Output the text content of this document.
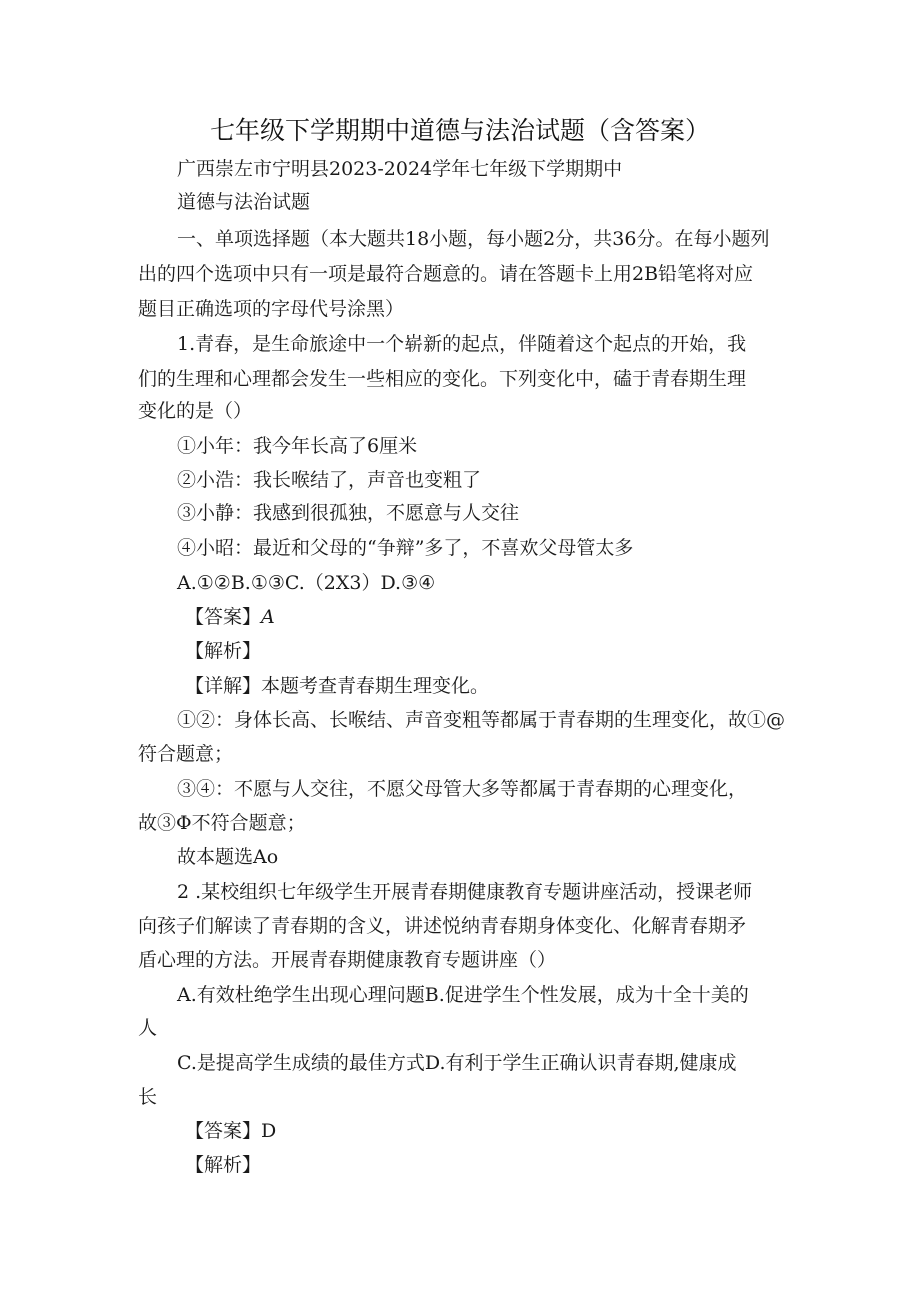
七年级下学期期中道德与法治试题（含答案）
广西崇左市宁明县2023-2024学年七年级下学期期中
道德与法治试题
一、单项选择题（本大题共18小题，每小题2分，共36分。在每小题列
出的四个选项中只有一项是最符合题意的。请在答题卡上用2B铅笔将对应
题目正确选项的字母代号涂黑）
1.青春，是生命旅途中一个崭新的起点，伴随着这个起点的开始，我
们的生理和心理都会发生一些相应的变化。下列变化中，磕于青春期生理
变化的是（）
①小年：我今年长高了6厘米
②小浩：我长喉结了，声音也变粗了
③小静：我感到很孤独，不愿意与人交往
④小昭：最近和父母的“争辩”多了，不喜欢父母管太多
A.①②B.①③C.（2X3）D.③④
【答案】A
【解析】
【详解】本题考查青春期生理变化。
①②：身体长高、长喉结、声音变粗等都属于青春期的生理变化，故①@
符合题意；
③④：不愿与人交往，不愿父母管大多等都属于青春期的心理变化，
故③Φ不符合题意；
故本题选Ao
2 .某校组织七年级学生开展青春期健康教育专题讲座活动，授课老师
向孩子们解读了青春期的含义，讲述悦纳青春期身体变化、化解青春期矛
盾心理的方法。开展青春期健康教育专题讲座（）
A.有效杜绝学生出现心理问题B.促进学生个性发展，成为十全十美的
人
C.是提高学生成绩的最佳方式D.有利于学生正确认识青春期,健康成
长
【答案】D
【解析】
